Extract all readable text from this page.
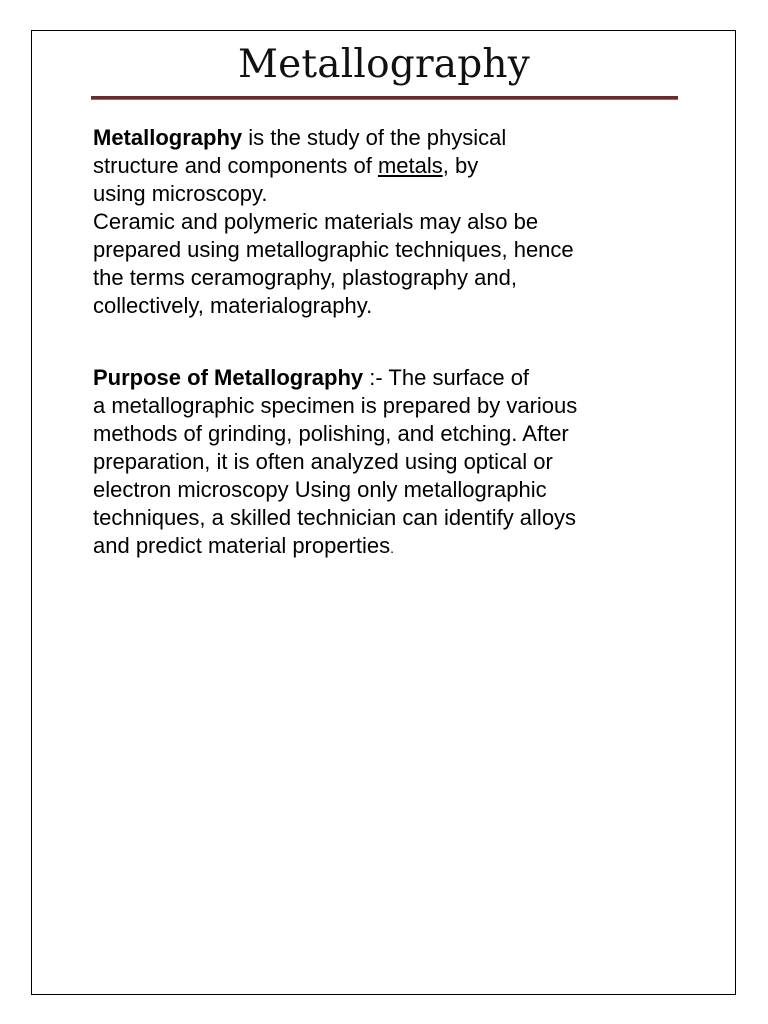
Metallography

Metallography is the study of the physical
structure and components of metals, by
using microscopy.
Ceramic and polymeric materials may also be
prepared using metallographic techniques, hence
the terms ceramography, plastography and,
collectively, materialography.

Purpose of Metallography :- The surface of
a metallographic specimen is prepared by various
methods of grinding, polishing, and etching. After
preparation, it is often analyzed using optical or
electron microscopy Using only metallographic
techniques, a skilled technician can identify alloys
and predict material properties.
